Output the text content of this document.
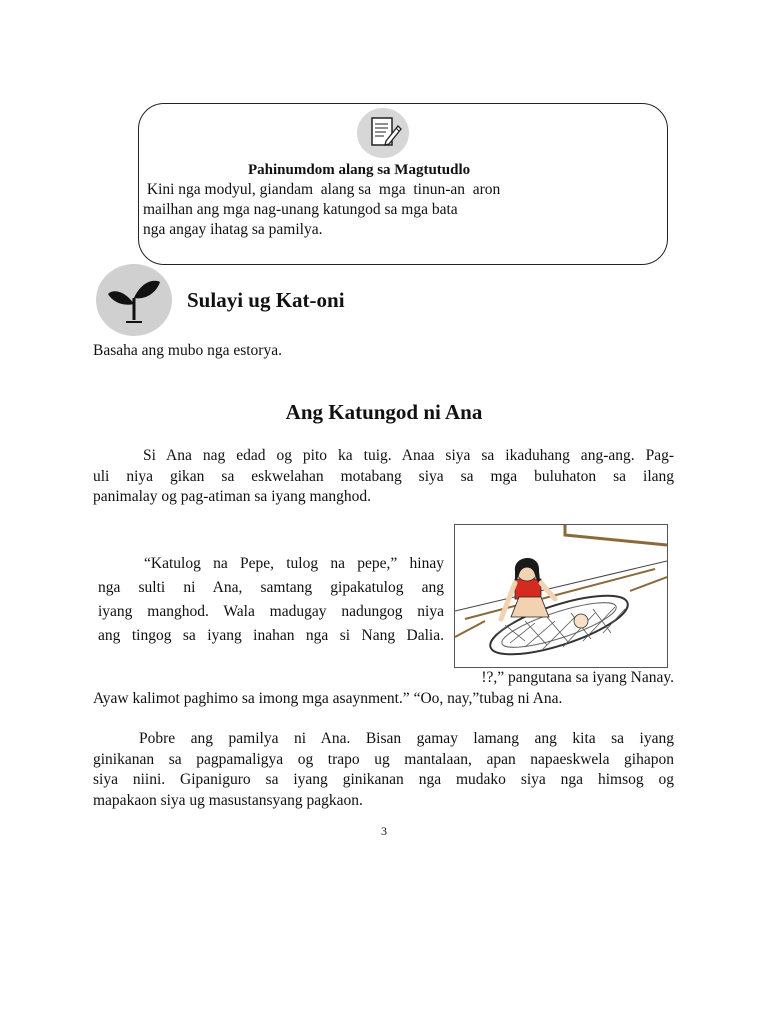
Pahinumdom alang sa Magtutudlo
Kini nga modyul, giandam  alang sa  mga  tinun-an  aron
mailhan ang mga nag-unang katungod sa mga bata
nga angay ihatag sa pamilya.
Sulayi ug Kat-oni
Basaha ang mubo nga estorya.
Ang Katungod ni Ana
Si Ana nag edad og pito ka tuig. Anaa siya sa ikaduhang ang-ang. Pag-
uli niya gikan sa eskwelahan motabang siya sa mga buluhaton sa ilang
panimalay og pag-atiman sa iyang manghod.
“Katulog na Pepe, tulog na pepe,” hinay
nga sulti ni Ana, samtang gipakatulog ang
iyang manghod. Wala madugay nadungog niya
ang tingog sa iyang inahan nga si Nang Dalia.
!?,” pangutana sa iyang Nanay.
Ayaw kalimot paghimo sa imong mga asaynment.” “Oo, nay,”tubag ni Ana.
Pobre ang pamilya ni Ana. Bisan gamay lamang ang kita sa iyang
ginikanan sa pagpamaligya og trapo ug mantalaan, apan napaeskwela gihapon
siya niini. Gipaniguro sa iyang ginikanan nga mudako siya nga himsog og
mapakaon siya ug masustansyang pagkaon.
3
